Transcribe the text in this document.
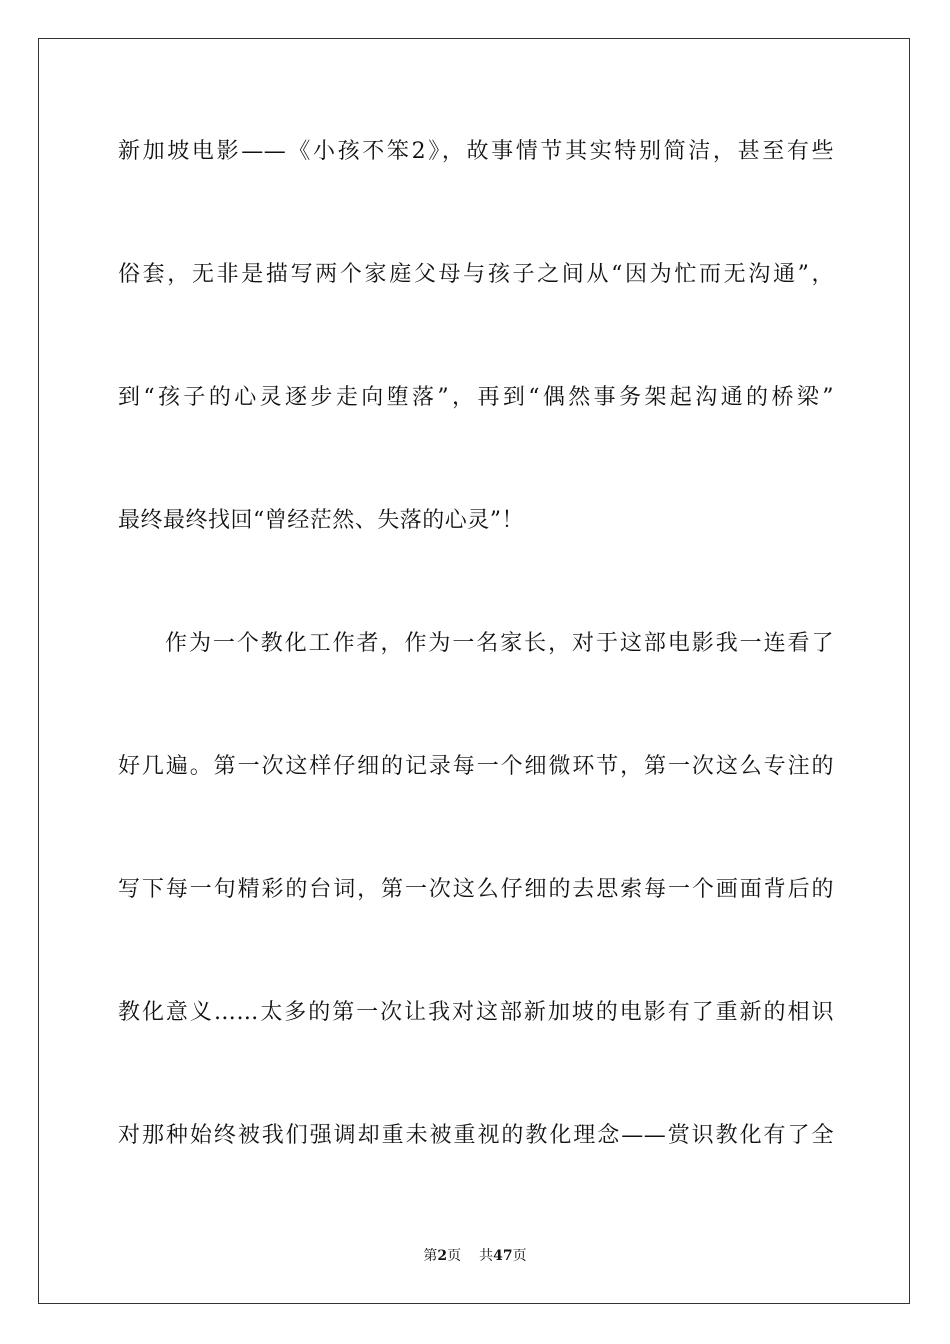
新加坡电影——《小孩不笨2》，故事情节其实特别简洁，甚至有些
俗套，无非是描写两个家庭父母与孩子之间从“因为忙而无沟通”，
到“孩子的心灵逐步走向堕落”，再到“偶然事务架起沟通的桥梁”
最终最终找回“曾经茫然、失落的心灵”！
作为一个教化工作者，作为一名家长，对于这部电影我一连看了
好几遍。第一次这样仔细的记录每一个细微环节，第一次这么专注的
写下每一句精彩的台词，第一次这么仔细的去思索每一个画面背后的
教化意义……太多的第一次让我对这部新加坡的电影有了重新的相识
对那种始终被我们强调却重未被重视的教化理念——赏识教化有了全
第2页 共47页
